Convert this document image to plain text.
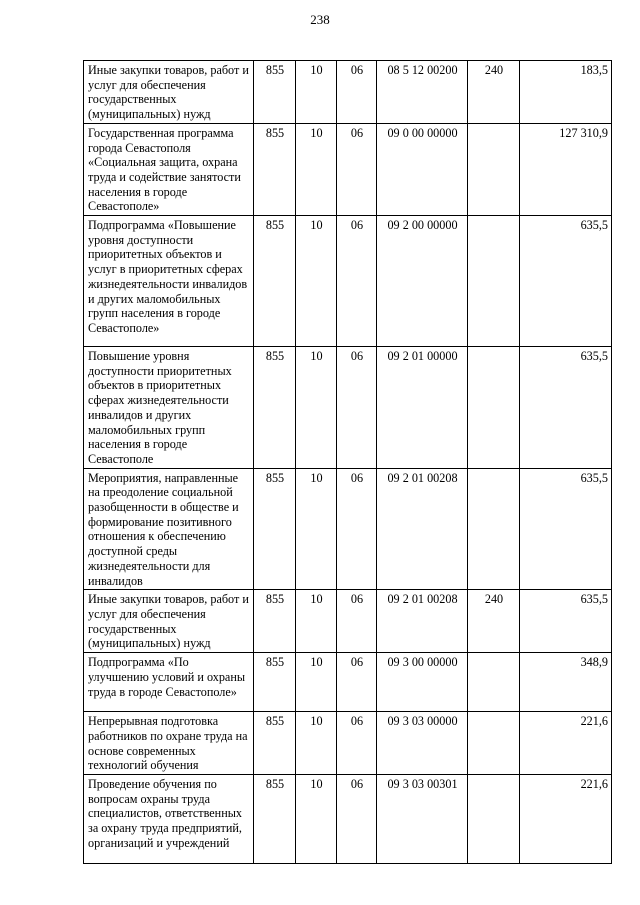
238
Иные закупки товаров, работ и услуг для обеспечения государственных (муниципальных) нужд	855	10	06	08 5 12 00200	240	183,5
Государственная программа города Севастополя «Социальная защита, охрана труда и содействие занятости населения в городе Севастополе»	855	10	06	09 0 00 00000		127 310,9
Подпрограмма «Повышение уровня доступности приоритетных объектов и услуг в приоритетных сферах жизнедеятельности инвалидов и других маломобильных групп населения в городе Севастополе»	855	10	06	09 2 00 00000		635,5
Повышение уровня доступности приоритетных объектов в приоритетных сферах жизнедеятельности инвалидов и других маломобильных групп населения в городе Севастополе	855	10	06	09 2 01 00000		635,5
Мероприятия, направленные на преодоление социальной разобщенности в обществе и формирование позитивного отношения к обеспечению доступной среды жизнедеятельности для инвалидов	855	10	06	09 2 01 00208		635,5
Иные закупки товаров, работ и услуг для обеспечения государственных (муниципальных) нужд	855	10	06	09 2 01 00208	240	635,5
Подпрограмма «По улучшению условий и охраны труда в городе Севастополе»	855	10	06	09 3 00 00000		348,9
Непрерывная подготовка работников по охране труда на основе современных технологий обучения	855	10	06	09 3 03 00000		221,6
Проведение обучения по вопросам охраны труда специалистов, ответственных за охрану труда предприятий, организаций и учреждений	855	10	06	09 3 03 00301		221,6
